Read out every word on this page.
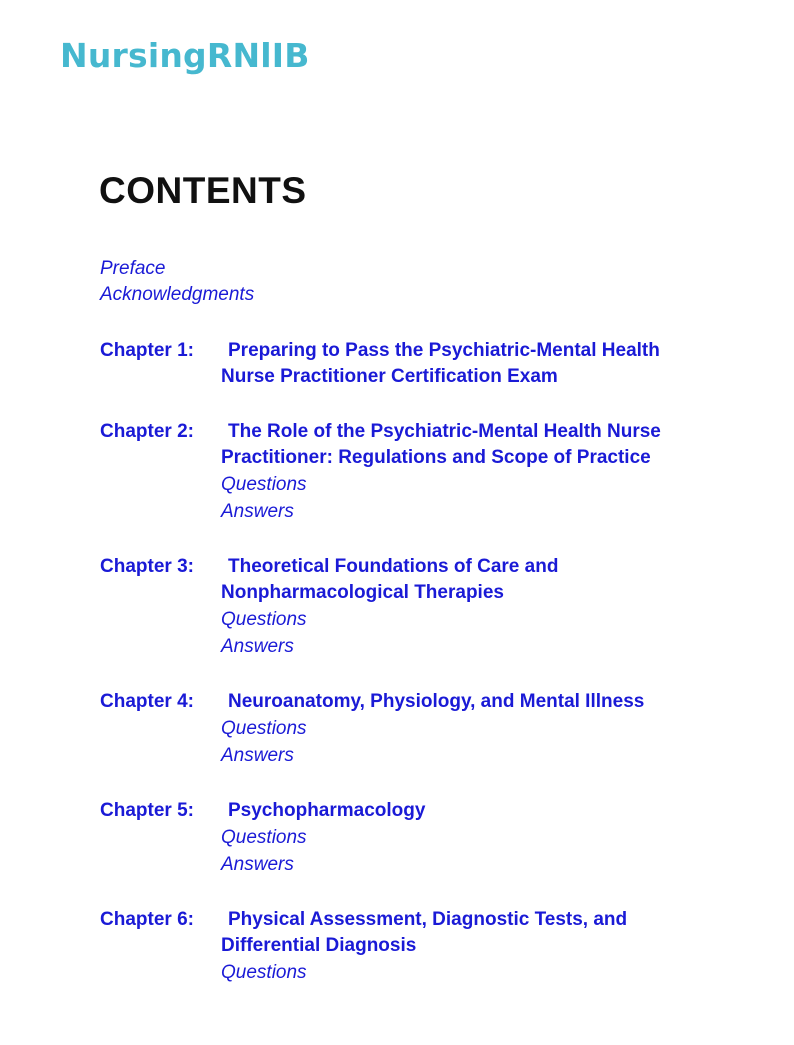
NursingRNlIB
CONTENTS
Preface
Acknowledgments
Chapter 1:	Preparing to Pass the Psychiatric-Mental Health
Nurse Practitioner Certification Exam
Chapter 2:	The Role of the Psychiatric-Mental Health Nurse
Practitioner: Regulations and Scope of Practice
Questions
Answers
Chapter 3:	Theoretical Foundations of Care and
Nonpharmacological Therapies
Questions
Answers
Chapter 4:	Neuroanatomy, Physiology, and Mental Illness
Questions
Answers
Chapter 5:	Psychopharmacology
Questions
Answers
Chapter 6:	Physical Assessment, Diagnostic Tests, and
Differential Diagnosis
Questions
